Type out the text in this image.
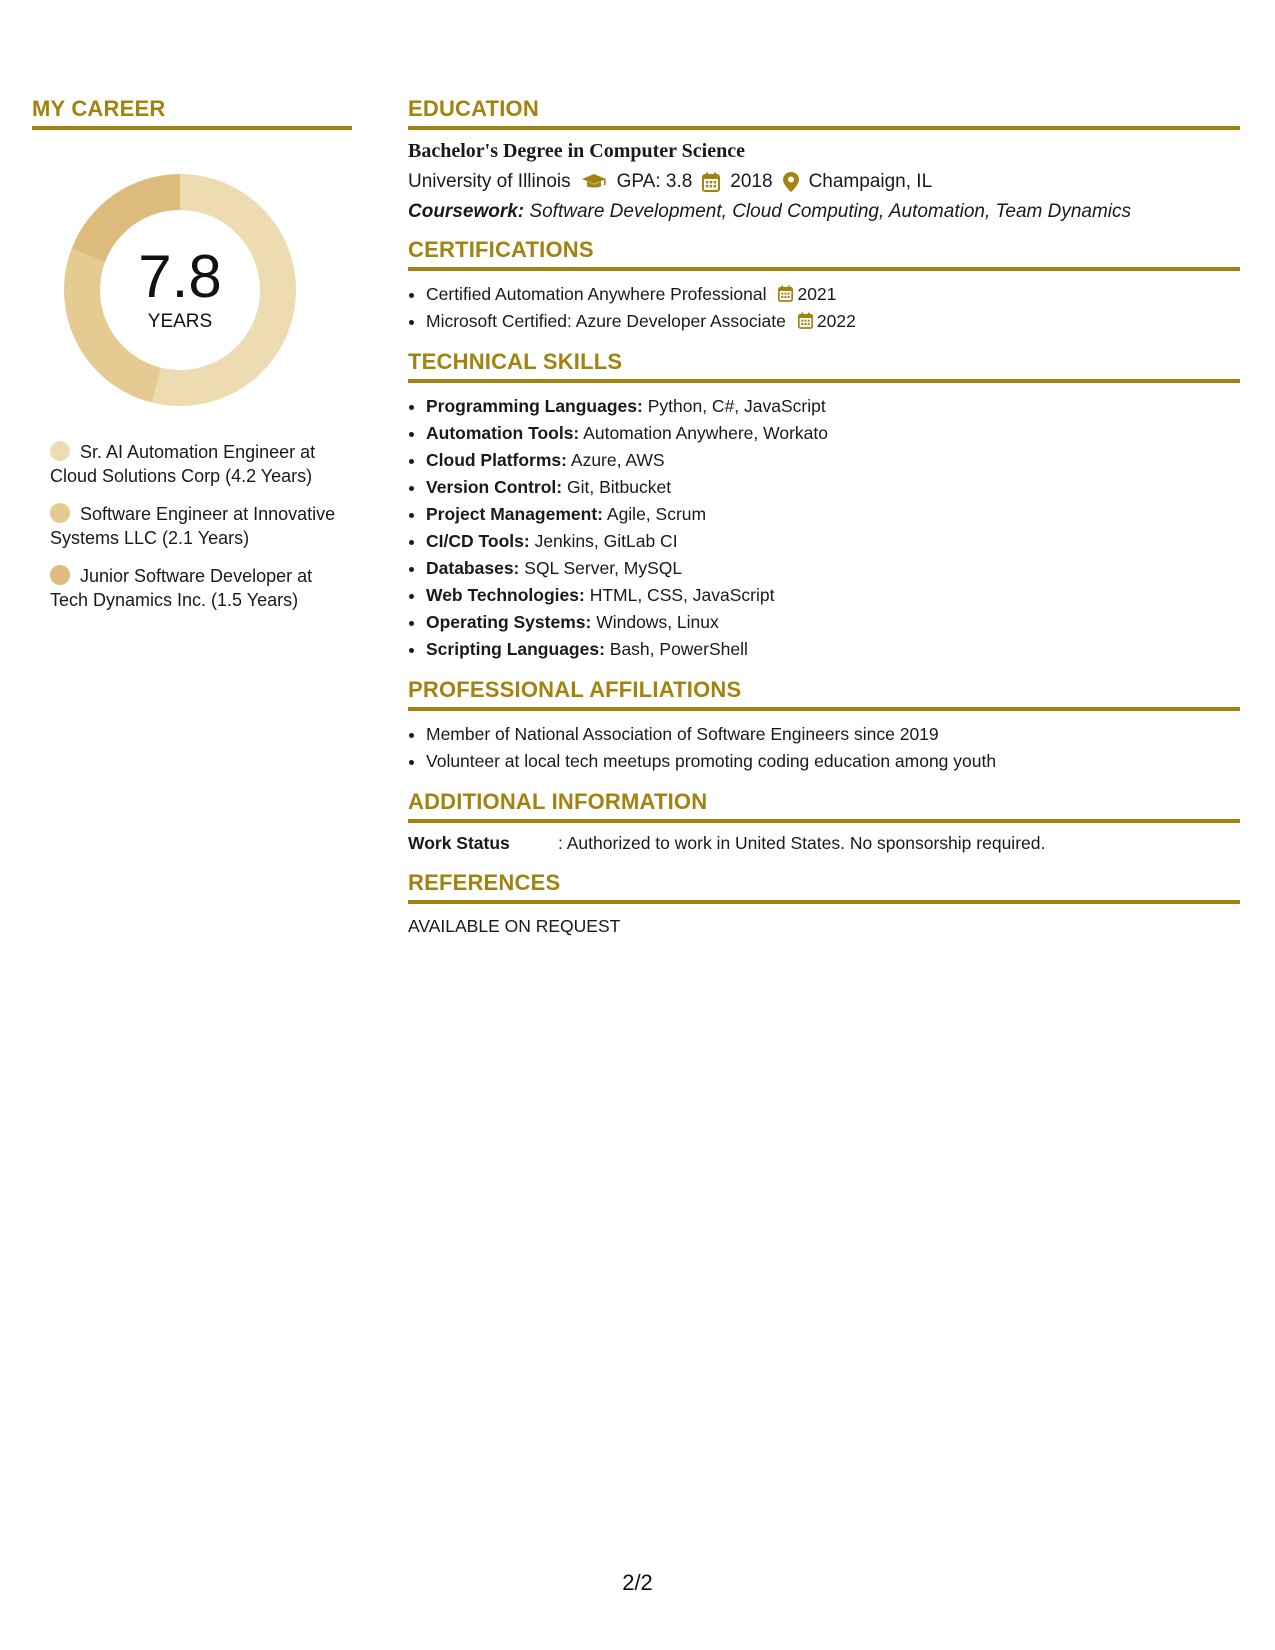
MY CAREER
7.8
YEARS
Sr. AI Automation Engineer at Cloud Solutions Corp (4.2 Years)
Software Engineer at Innovative Systems LLC (2.1 Years)
Junior Software Developer at Tech Dynamics Inc. (1.5 Years)
EDUCATION
Bachelor's Degree in Computer Science
University of Illinois GPA: 3.8 2018 Champaign, IL
Coursework: Software Development, Cloud Computing, Automation, Team Dynamics
CERTIFICATIONS
• Certified Automation Anywhere Professional 2021
• Microsoft Certified: Azure Developer Associate 2022
TECHNICAL SKILLS
• Programming Languages: Python, C#, JavaScript
• Automation Tools: Automation Anywhere, Workato
• Cloud Platforms: Azure, AWS
• Version Control: Git, Bitbucket
• Project Management: Agile, Scrum
• CI/CD Tools: Jenkins, GitLab CI
• Databases: SQL Server, MySQL
• Web Technologies: HTML, CSS, JavaScript
• Operating Systems: Windows, Linux
• Scripting Languages: Bash, PowerShell
PROFESSIONAL AFFILIATIONS
• Member of National Association of Software Engineers since 2019
• Volunteer at local tech meetups promoting coding education among youth
ADDITIONAL INFORMATION
Work Status	: Authorized to work in United States. No sponsorship required.
REFERENCES
AVAILABLE ON REQUEST
2/2
